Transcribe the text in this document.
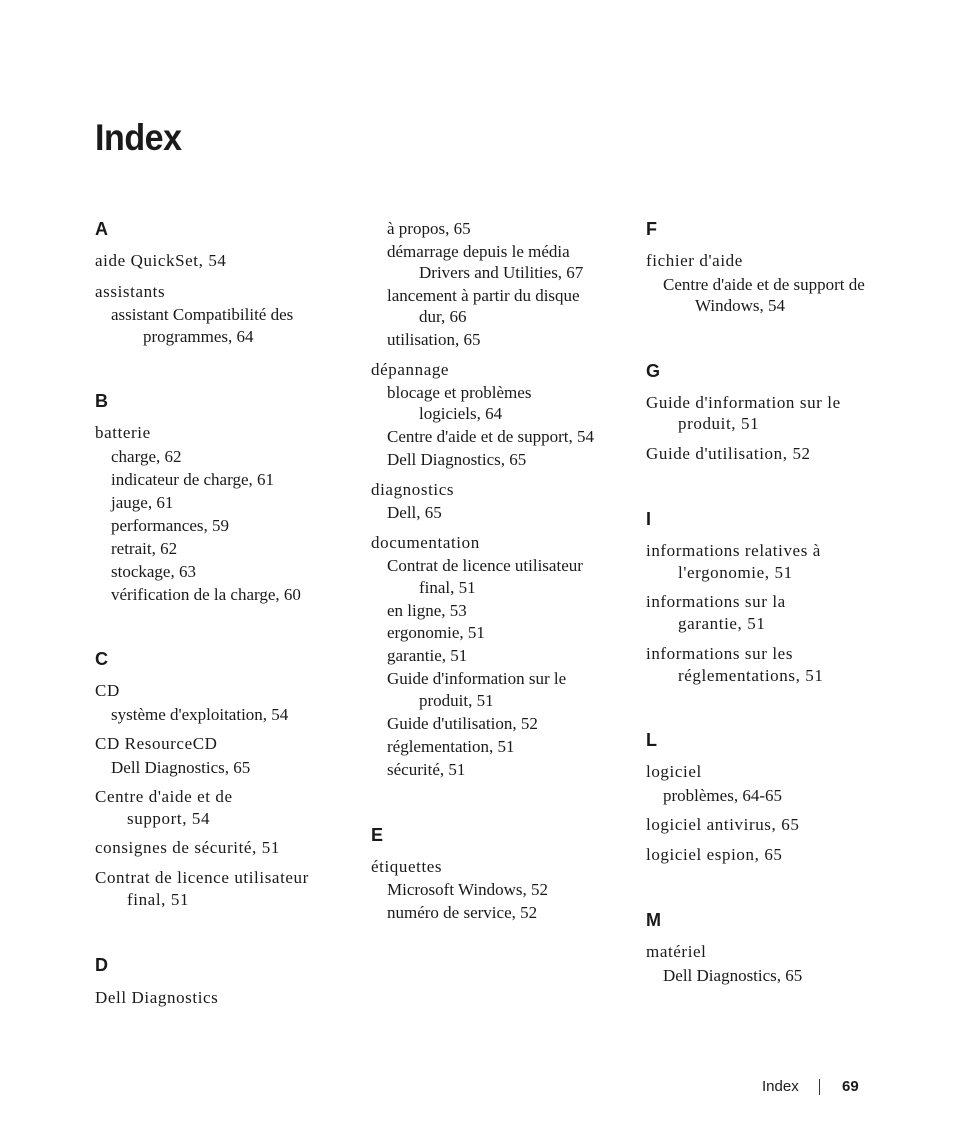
Index
A
aide QuickSet, 54
assistants
assistant Compatibilité des
programmes, 64
B
batterie
charge, 62
indicateur de charge, 61
jauge, 61
performances, 59
retrait, 62
stockage, 63
vérification de la charge, 60
C
CD
système d'exploitation, 54
CD ResourceCD
Dell Diagnostics, 65
Centre d'aide et de
support, 54
consignes de sécurité, 51
Contrat de licence utilisateur
final, 51
D
Dell Diagnostics
à propos, 65
démarrage depuis le média
Drivers and Utilities, 67
lancement à partir du disque
dur, 66
utilisation, 65
dépannage
blocage et problèmes
logiciels, 64
Centre d'aide et de support, 54
Dell Diagnostics, 65
diagnostics
Dell, 65
documentation
Contrat de licence utilisateur
final, 51
en ligne, 53
ergonomie, 51
garantie, 51
Guide d'information sur le
produit, 51
Guide d'utilisation, 52
réglementation, 51
sécurité, 51
E
étiquettes
Microsoft Windows, 52
numéro de service, 52
F
fichier d'aide
Centre d'aide et de support de
Windows, 54
G
Guide d'information sur le
produit, 51
Guide d'utilisation, 52
I
informations relatives à
l'ergonomie, 51
informations sur la
garantie, 51
informations sur les
réglementations, 51
L
logiciel
problèmes, 64-65
logiciel antivirus, 65
logiciel espion, 65
M
matériel
Dell Diagnostics, 65
Index	69
